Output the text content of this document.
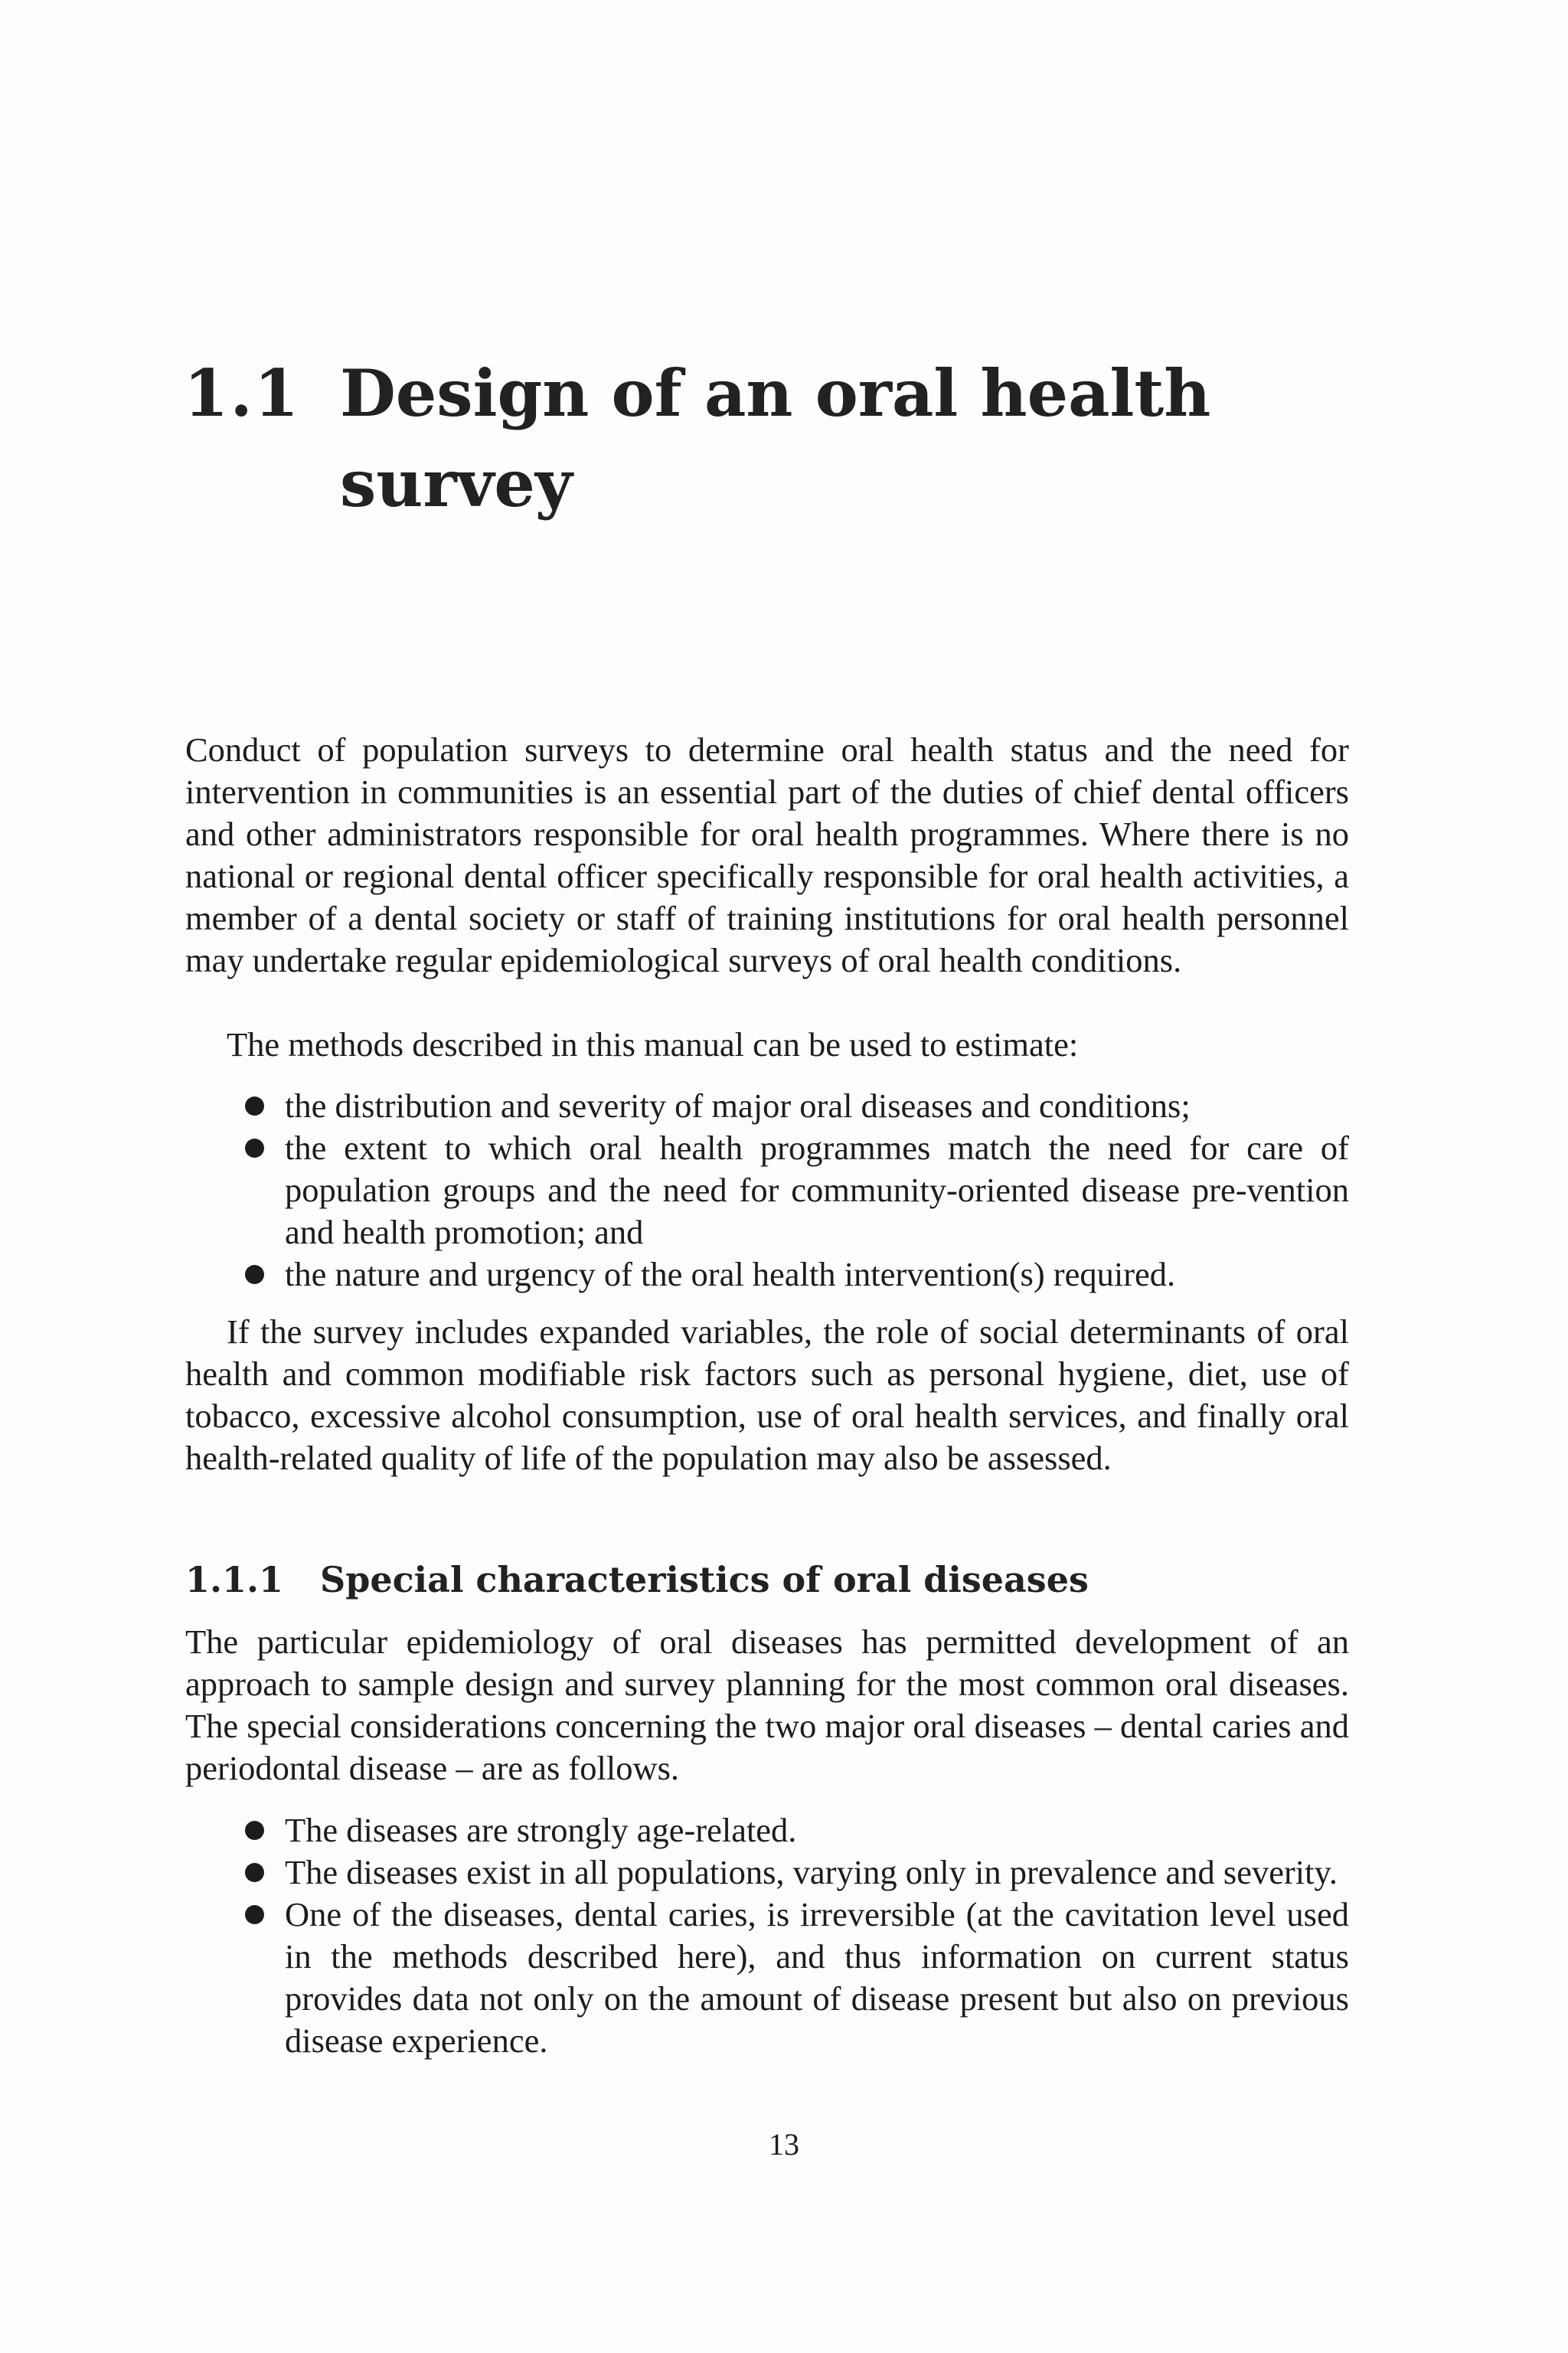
1.1 Design of an oral health survey

Conduct of population surveys to determine oral health status and the need for intervention in communities is an essential part of the duties of chief dental officers and other administrators responsible for oral health programmes. Where there is no national or regional dental officer specifically responsible for oral health activities, a member of a dental society or staff of training institutions for oral health personnel may undertake regular epidemiological surveys of oral health conditions.

The methods described in this manual can be used to estimate:

the distribution and severity of major oral diseases and conditions;
the extent to which oral health programmes match the need for care of population groups and the need for community-oriented disease pre-vention and health promotion; and
the nature and urgency of the oral health intervention(s) required.

If the survey includes expanded variables, the role of social determinants of oral health and common modifiable risk factors such as personal hygiene, diet, use of tobacco, excessive alcohol consumption, use of oral health services, and finally oral health-related quality of life of the population may also be assessed.

1.1.1 Special characteristics of oral diseases

The particular epidemiology of oral diseases has permitted development of an approach to sample design and survey planning for the most common oral diseases. The special considerations concerning the two major oral diseases – dental caries and periodontal disease – are as follows.

The diseases are strongly age-related.
The diseases exist in all populations, varying only in prevalence and severity.
One of the diseases, dental caries, is irreversible (at the cavitation level used in the methods described here), and thus information on current status provides data not only on the amount of disease present but also on previous disease experience.
13
